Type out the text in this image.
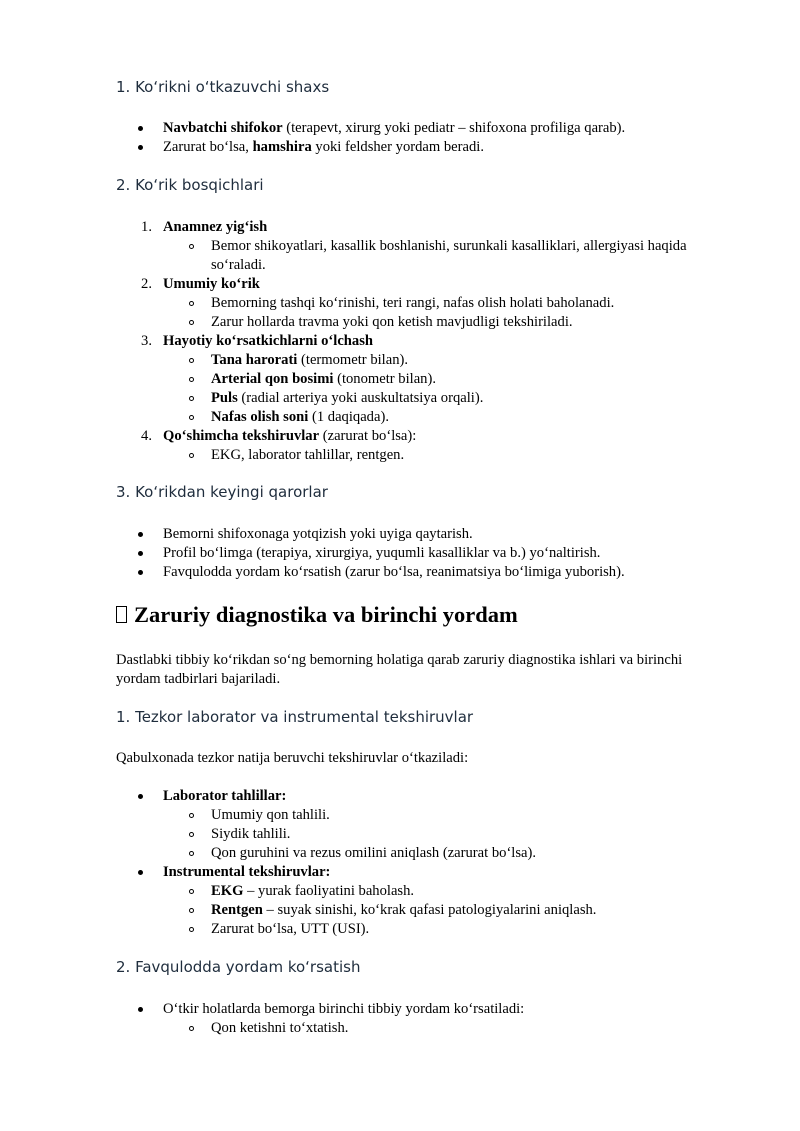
1. Ko‘rikni o‘tkazuvchi shaxs
Navbatchi shifokor (terapevt, xirurg yoki pediatr – shifoxona profiliga qarab).
Zarurat bo‘lsa, hamshira yoki feldsher yordam beradi.
2. Ko‘rik bosqichlari
1. Anamnez yig‘ish
Bemor shikoyatlari, kasallik boshlanishi, surunkali kasalliklari, allergiyasi haqida
so‘raladi.
2. Umumiy ko‘rik
Bemorning tashqi ko‘rinishi, teri rangi, nafas olish holati baholanadi.
Zarur hollarda travma yoki qon ketish mavjudligi tekshiriladi.
3. Hayotiy ko‘rsatkichlarni o‘lchash
Tana harorati (termometr bilan).
Arterial qon bosimi (tonometr bilan).
Puls (radial arteriya yoki auskultatsiya orqali).
Nafas olish soni (1 daqiqada).
4. Qo‘shimcha tekshiruvlar (zarurat bo‘lsa):
EKG, laborator tahlillar, rentgen.
3. Ko‘rikdan keyingi qarorlar
Bemorni shifoxonaga yotqizish yoki uyiga qaytarish.
Profil bo‘limga (terapiya, xirurgiya, yuqumli kasalliklar va b.) yo‘naltirish.
Favqulodda yordam ko‘rsatish (zarur bo‘lsa, reanimatsiya bo‘limiga yuborish).
Zaruriy diagnostika va birinchi yordam
Dastlabki tibbiy ko‘rikdan so‘ng bemorning holatiga qarab zaruriy diagnostika ishlari va birinchi
yordam tadbirlari bajariladi.
1. Tezkor laborator va instrumental tekshiruvlar
Qabulxonada tezkor natija beruvchi tekshiruvlar o‘tkaziladi:
Laborator tahlillar:
Umumiy qon tahlili.
Siydik tahlili.
Qon guruhini va rezus omilini aniqlash (zarurat bo‘lsa).
Instrumental tekshiruvlar:
EKG – yurak faoliyatini baholash.
Rentgen – suyak sinishi, ko‘krak qafasi patologiyalarini aniqlash.
Zarurat bo‘lsa, UTT (USI).
2. Favqulodda yordam ko‘rsatish
O‘tkir holatlarda bemorga birinchi tibbiy yordam ko‘rsatiladi:
Qon ketishni to‘xtatish.
